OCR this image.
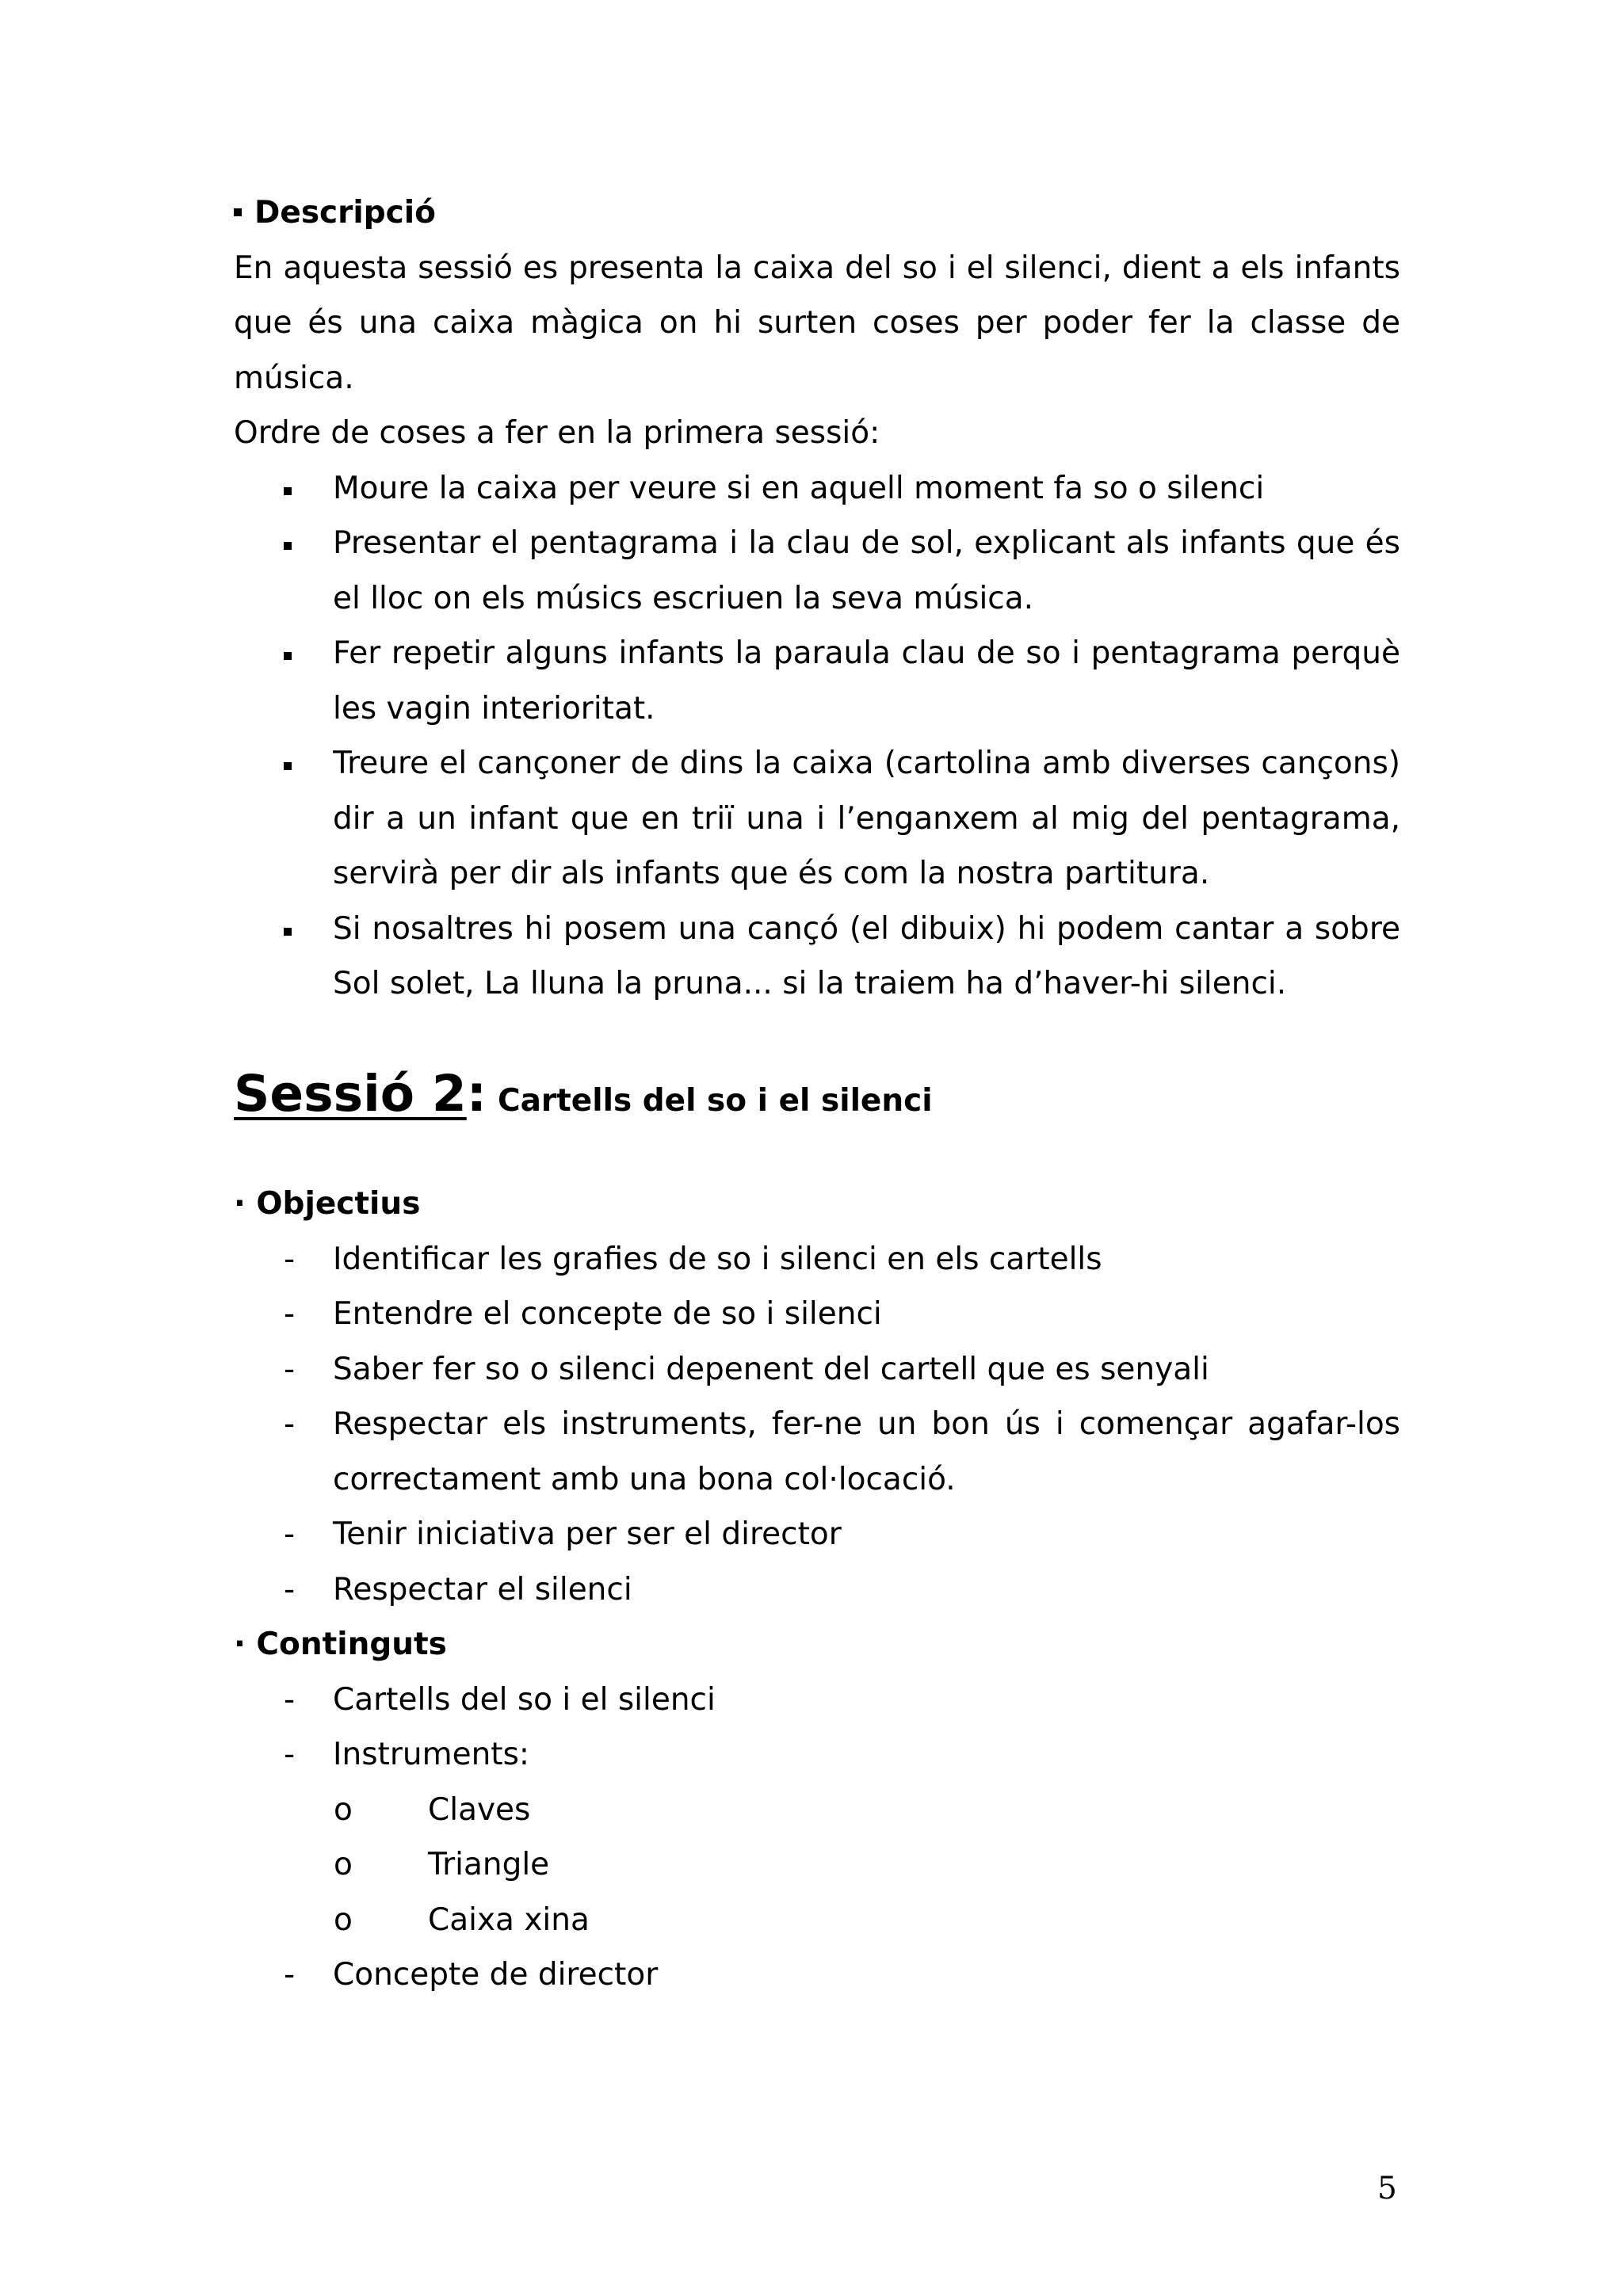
Descripció
En aquesta sessió es presenta la caixa del so i el silenci, dient a els infants
que és una caixa màgica on hi surten coses per poder fer la classe de
música.
Ordre de coses a fer en la primera sessió:
Moure la caixa per veure si en aquell moment fa so o silenci
Presentar el pentagrama i la clau de sol, explicant als infants que és
el lloc on els músics escriuen la seva música.
Fer repetir alguns infants la paraula clau de so i pentagrama perquè
les vagin interioritat.
Treure el cançoner de dins la caixa (cartolina amb diverses cançons)
dir a un infant que en triï una i l’enganxem al mig del pentagrama,
servirà per dir als infants que és com la nostra partitura.
Si nosaltres hi posem una cançó (el dibuix) hi podem cantar a sobre
Sol solet, La lluna la pruna... si la traiem ha d’haver-hi silenci.
Sessió 2: Cartells del so i el silenci
· Objectius
- Identificar les grafies de so i silenci en els cartells
- Entendre el concepte de so i silenci
- Saber fer so o silenci depenent del cartell que es senyali
- Respectar els instruments, fer-ne un bon ús i començar agafar-los
correctament amb una bona col·locació.
- Tenir iniciativa per ser el director
- Respectar el silenci
· Continguts
- Cartells del so i el silenci
- Instruments:
o Claves
o Triangle
o Caixa xina
- Concepte de director
5
